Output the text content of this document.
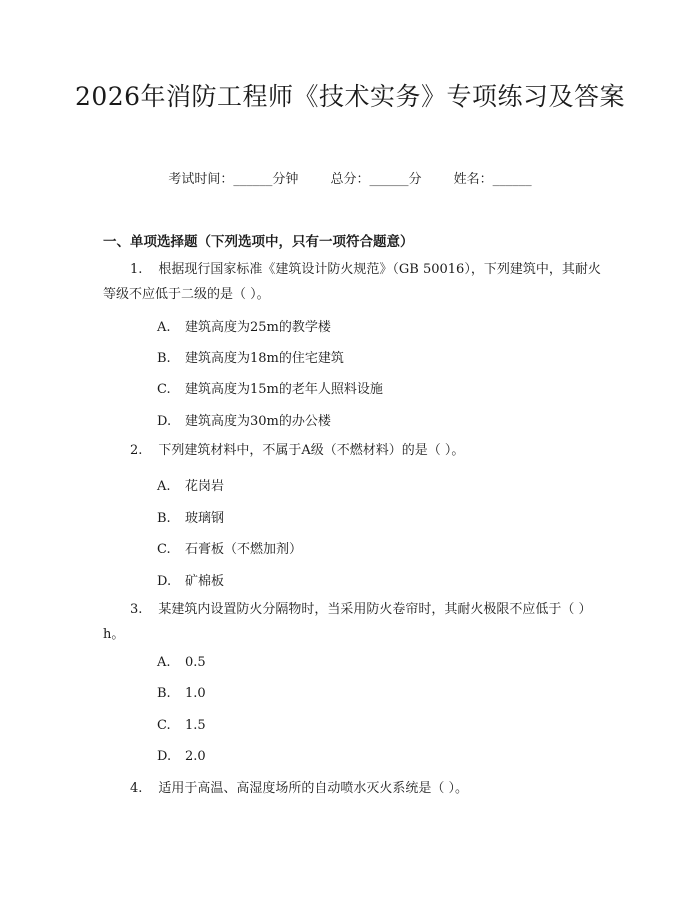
2026年消防工程师《技术实务》专项练习及答案
考试时间：______分钟 总分：______分 姓名：______
一、单项选择题（下列选项中，只有一项符合题意）
1. 根据现行国家标准《建筑设计防火规范》（GB 50016），下列建筑中，其耐火等级不应低于二级的是（ ）。
A. 建筑高度为25m的教学楼
B. 建筑高度为18m的住宅建筑
C. 建筑高度为15m的老年人照料设施
D. 建筑高度为30m的办公楼
2. 下列建筑材料中，不属于A级（不燃材料）的是（ ）。
A. 花岗岩
B. 玻璃钢
C. 石膏板（不燃加剂）
D. 矿棉板
3. 某建筑内设置防火分隔物时，当采用防火卷帘时，其耐火极限不应低于（ ）h。
A. 0.5
B. 1.0
C. 1.5
D. 2.0
4. 适用于高温、高湿度场所的自动喷水灭火系统是（ ）。
